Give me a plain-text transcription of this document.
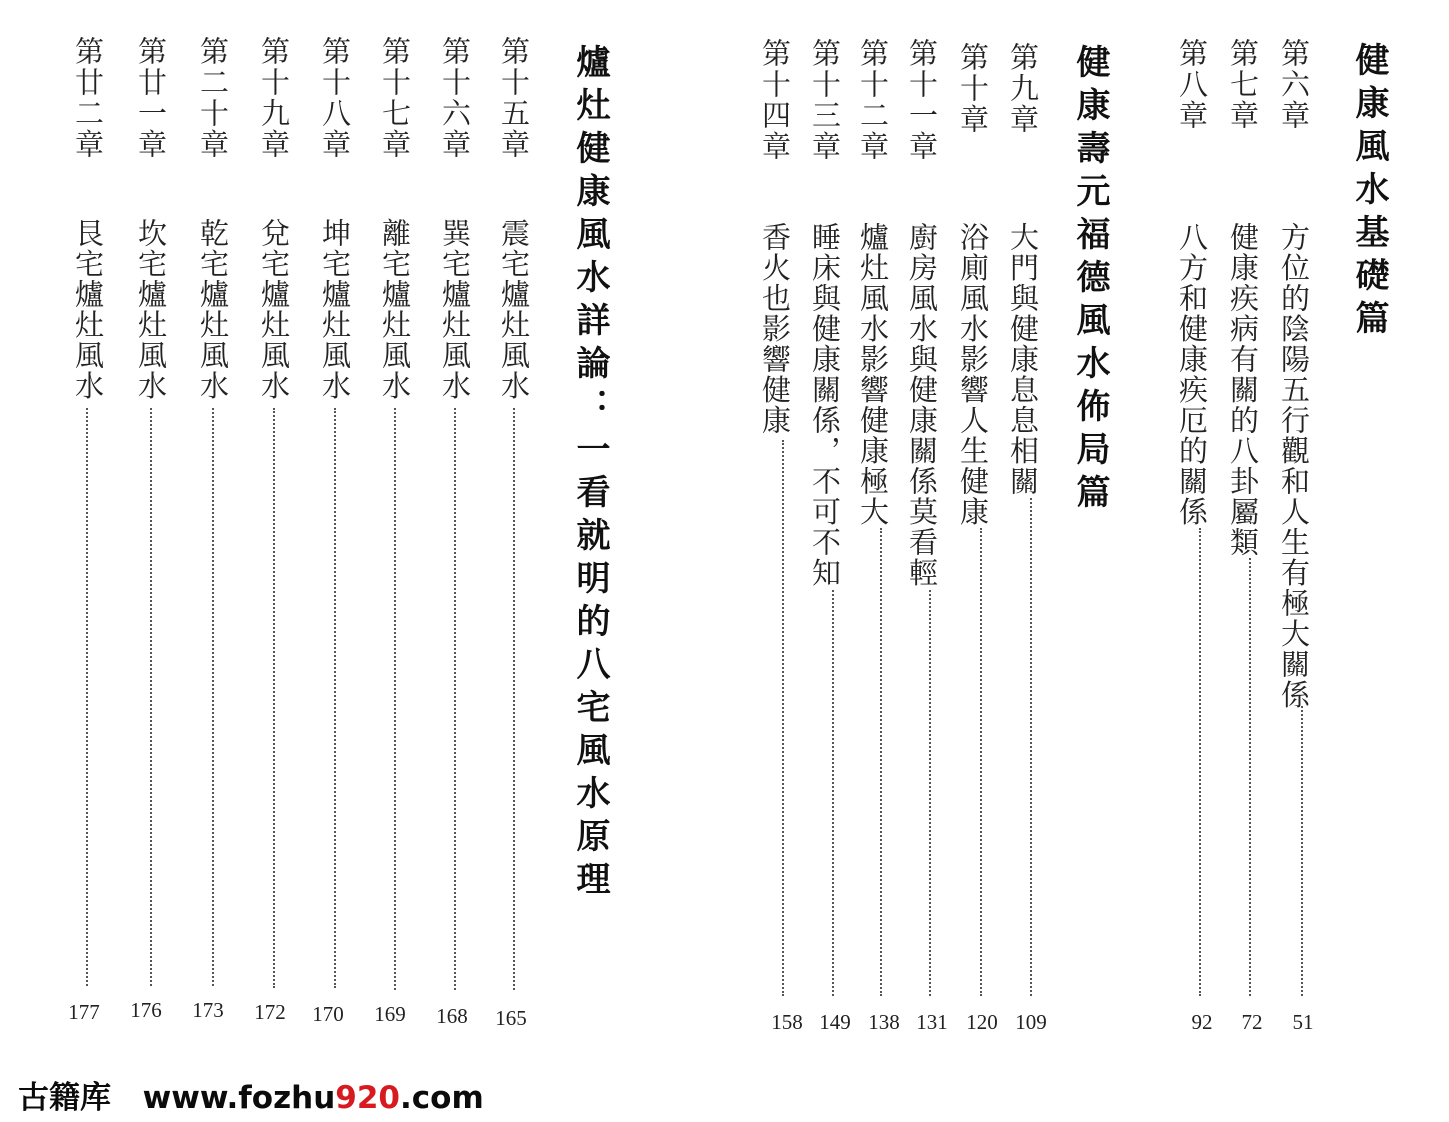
健康風水基礎篇
健康壽元福德風水佈局篇
爐灶健康風水詳論：一看就明的八宅風水原理	第六章
方位的陰陽五行觀和人生有極大關係
51
第七章
健康疾病有關的八卦屬類
72
第八章
八方和健康疾厄的關係
92
第九章
大門與健康息息相關
109
第十章
浴廁風水影響人生健康
120
第十一章
廚房風水與健康關係莫看輕
131
第十二章
爐灶風水影響健康極大
138
第十三章
睡床與健康關係，不可不知
149
第十四章
香火也影響健康
158
第十五章
震宅爐灶風水
165
第十六章
巽宅爐灶風水
168
第十七章
離宅爐灶風水
169
第十八章
坤宅爐灶風水
170
第十九章
兌宅爐灶風水
172
第二十章
乾宅爐灶風水
173
第廿一章
坎宅爐灶風水
176
第廿二章
艮宅爐灶風水
177
古籍库 www.fozhu920.com
